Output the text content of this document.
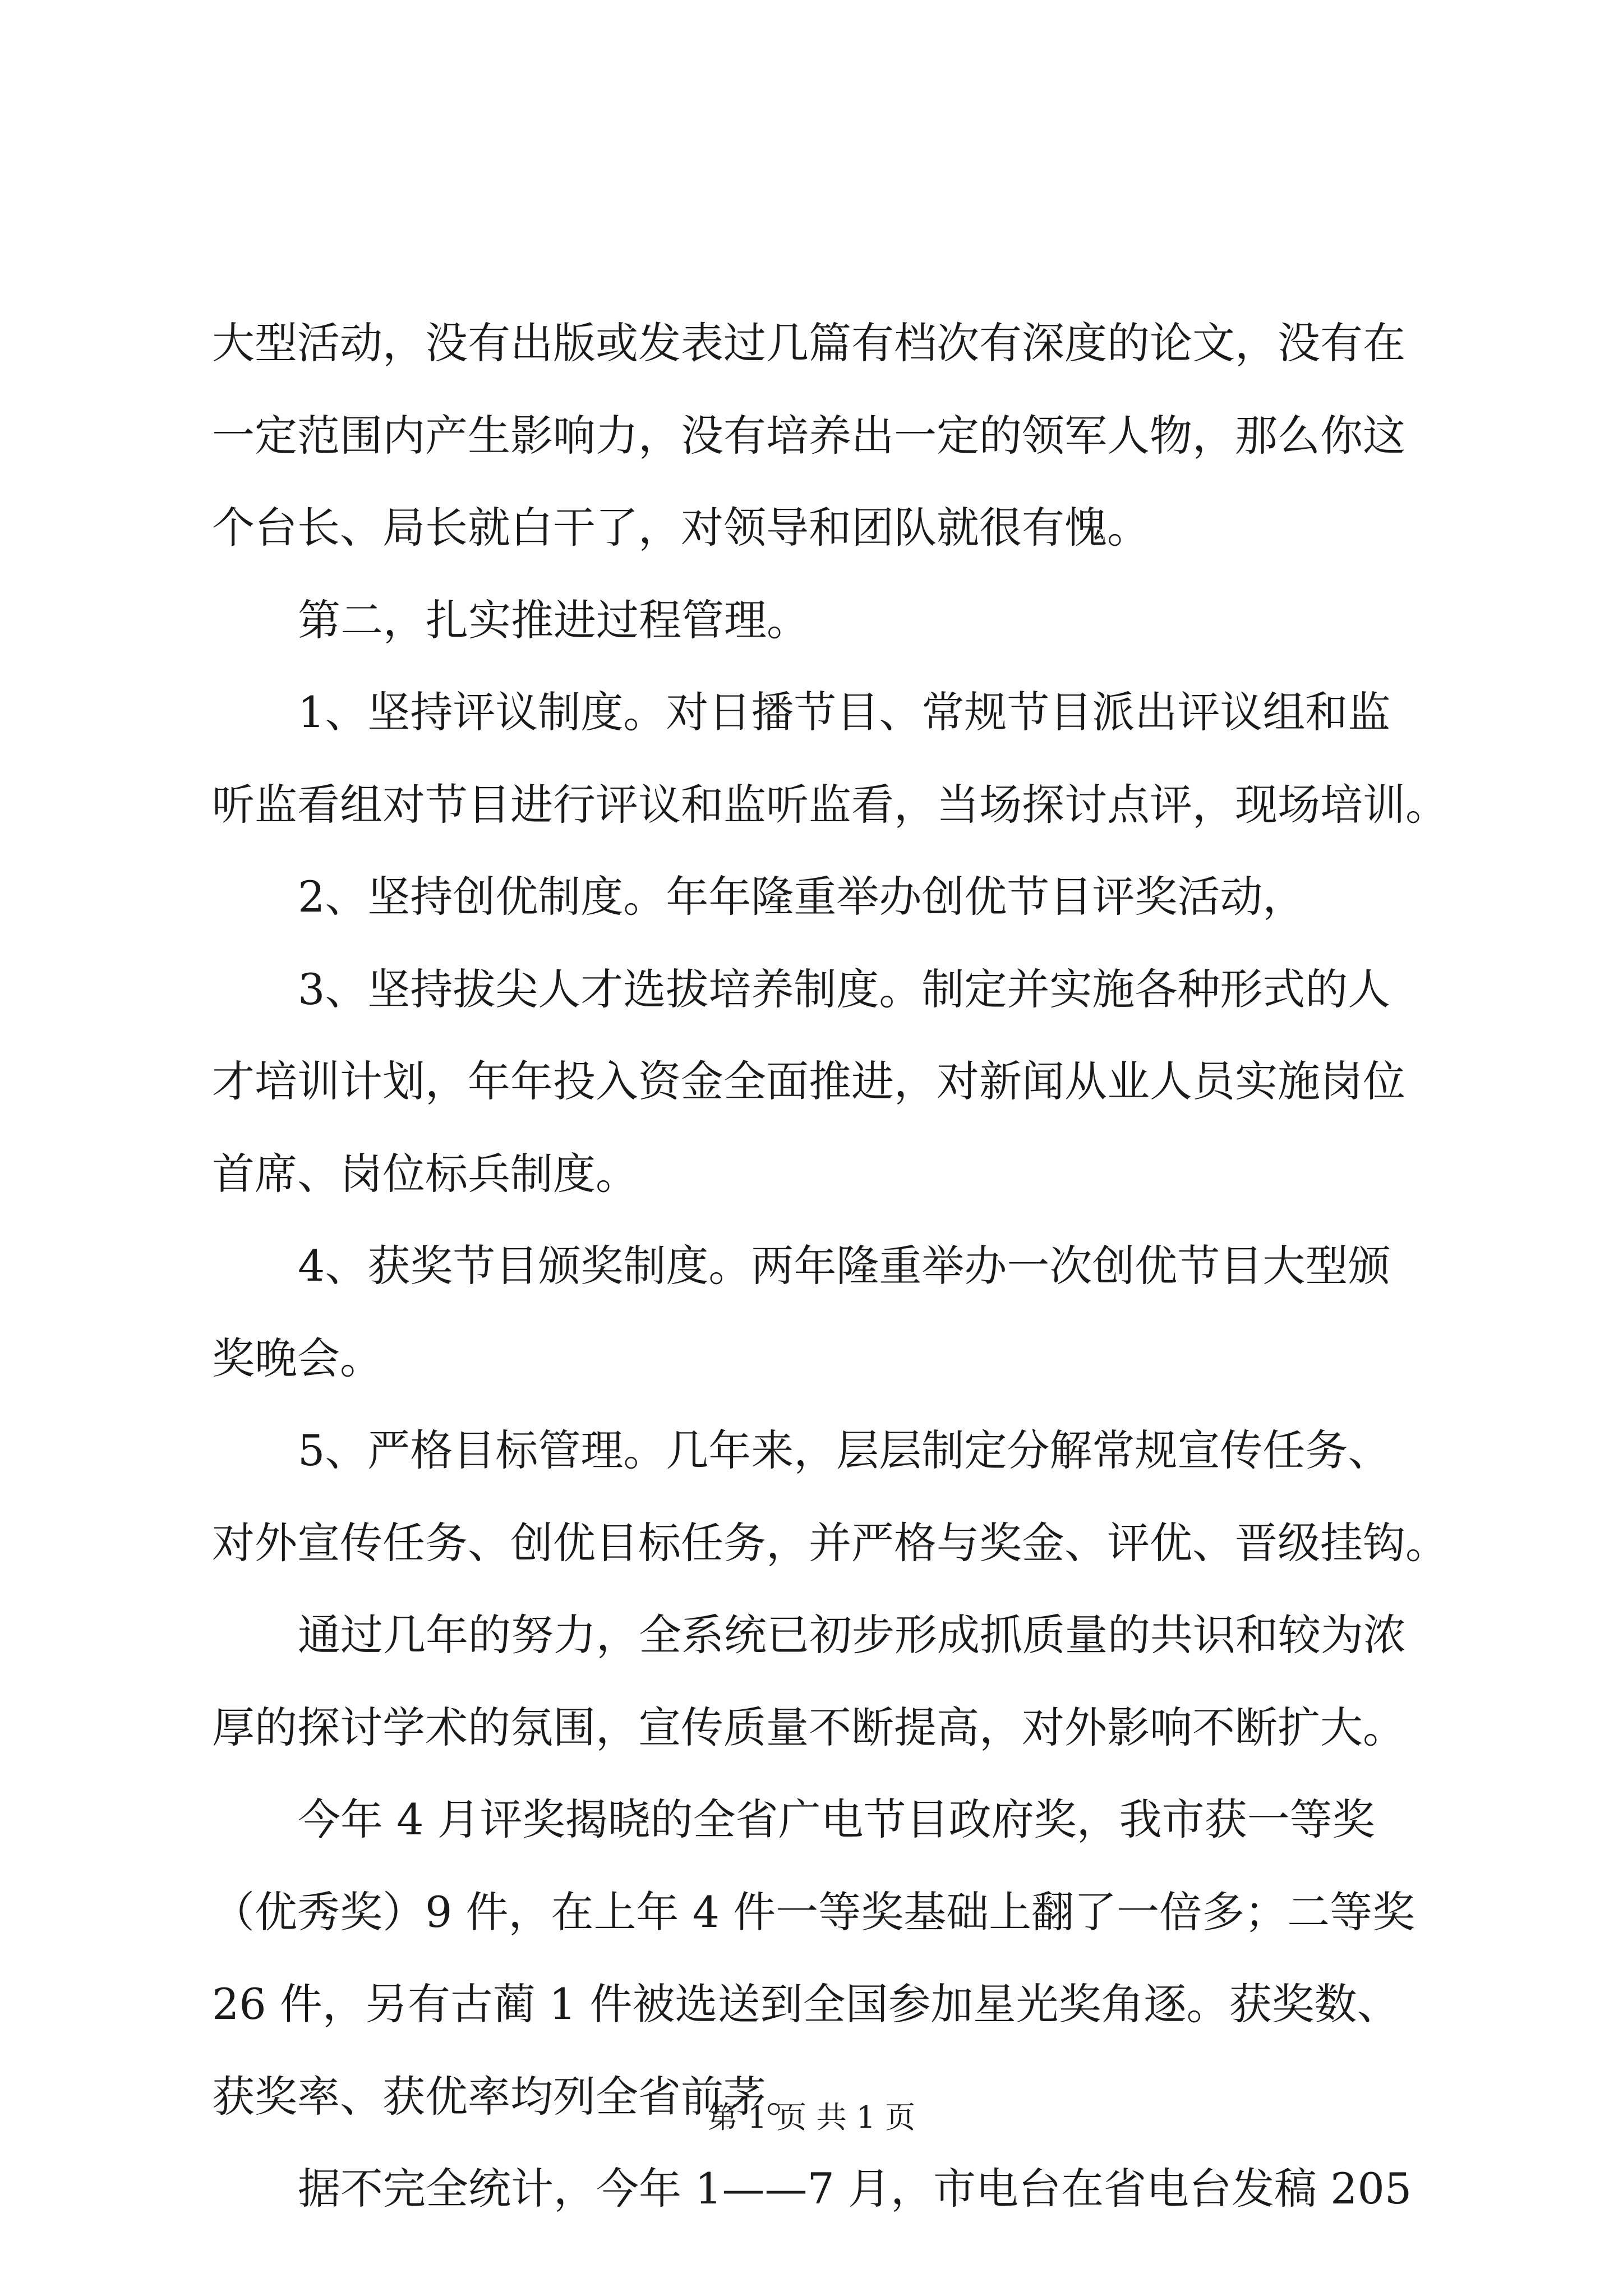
大型活动，没有出版或发表过几篇有档次有深度的论文，没有在
一定范围内产生影响力，没有培养出一定的领军人物，那么你这
个台长、局长就白干了，对领导和团队就很有愧。
第二，扎实推进过程管理。
1、坚持评议制度。对日播节目、常规节目派出评议组和监
听监看组对节目进行评议和监听监看，当场探讨点评，现场培训。
2、坚持创优制度。年年隆重举办创优节目评奖活动，
3、坚持拔尖人才选拔培养制度。制定并实施各种形式的人
才培训计划，年年投入资金全面推进，对新闻从业人员实施岗位
首席、岗位标兵制度。
4、获奖节目颁奖制度。两年隆重举办一次创优节目大型颁
奖晚会。
5、严格目标管理。几年来，层层制定分解常规宣传任务、
对外宣传任务、创优目标任务，并严格与奖金、评优、晋级挂钩。
通过几年的努力，全系统已初步形成抓质量的共识和较为浓
厚的探讨学术的氛围，宣传质量不断提高，对外影响不断扩大。
今年 4 月评奖揭晓的全省广电节目政府奖，我市获一等奖
（优秀奖）9 件，在上年 4 件一等奖基础上翻了一倍多；二等奖
26 件，另有古蔺 1 件被选送到全国参加星光奖角逐。获奖数、
获奖率、获优率均列全省前茅。
据不完全统计，今年 1——7 月，市电台在省电台发稿 205
第 1 页 共 1 页
